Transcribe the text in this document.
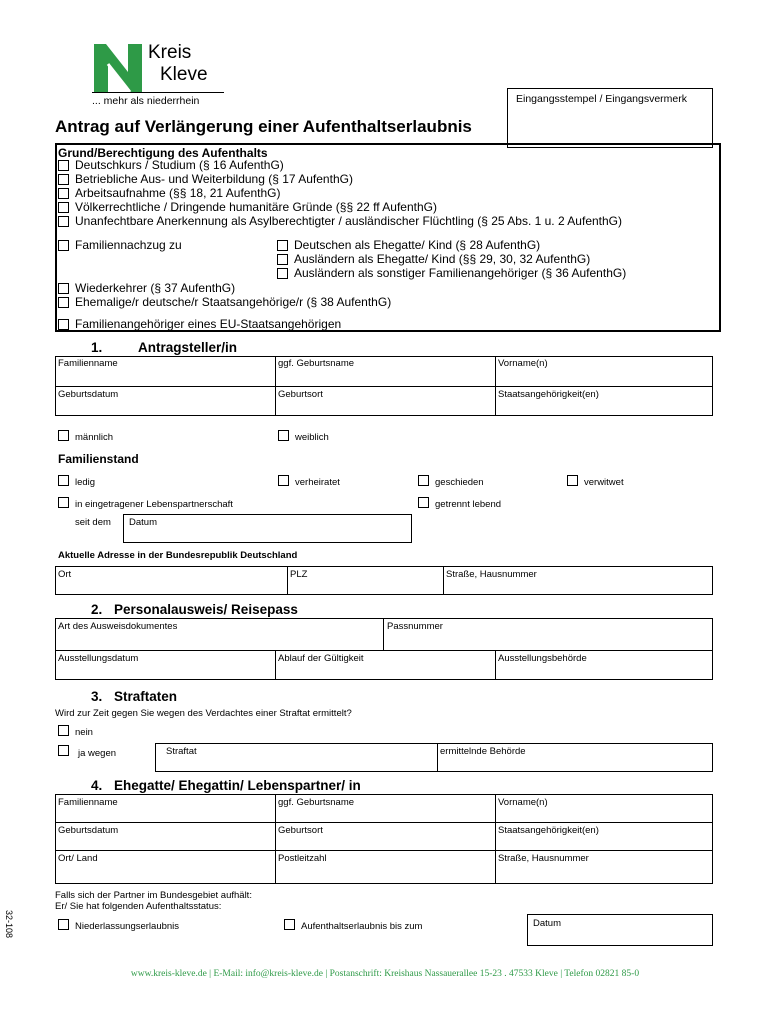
Kreis
Kleve
... mehr als niederrhein	Eingangsstempel / Eingangsvermerk
Antrag auf Verlängerung einer Aufenthaltserlaubnis
Grund/Berechtigung des Aufenthalts
Deutschkurs / Studium (§ 16 AufenthG)
Betriebliche Aus- und Weiterbildung (§ 17 AufenthG)
Arbeitsaufnahme (§§ 18, 21 AufenthG)
Völkerrechtliche / Dringende humanitäre Gründe (§§ 22 ff AufenthG)
Unanfechtbare Anerkennung als Asylberechtigter / ausländischer Flüchtling (§ 25 Abs. 1 u. 2 AufenthG)
Familiennachzug zu	Deutschen als Ehegatte/ Kind (§ 28 AufenthG)
Ausländern als Ehegatte/ Kind (§§ 29, 30, 32 AufenthG)
Ausländern als sonstiger Familienangehöriger (§ 36 AufenthG)
Wiederkehrer (§ 37 AufenthG)
Ehemalige/r deutsche/r Staatsangehörige/r (§ 38 AufenthG)
Familienangehöriger eines EU-Staatsangehörigen
1.	Antragsteller/in
Familienname	ggf. Geburtsname	Vorname(n)
Geburtsdatum	Geburtsort	Staatsangehörigkeit(en)
männlich	weiblich
Familienstand
ledig	verheiratet	geschieden	verwitwet
in eingetragener Lebenspartnerschaft	getrennt lebend
seit dem Datum
Aktuelle Adresse in der Bundesrepublik Deutschland
Ort	PLZ	Straße, Hausnummer
2. Personalausweis/ Reisepass
Art des Ausweisdokumentes	Passnummer
Ausstellungsdatum	Ablauf der Gültigkeit	Ausstellungsbehörde
3. Straftaten
Wird zur Zeit gegen Sie wegen des Verdachtes einer Straftat ermittelt?
nein
ja wegen	Straftat	ermittelnde Behörde
4. Ehegatte/ Ehegattin/ Lebenspartner/ in
Familienname	ggf. Geburtsname	Vorname(n)
Geburtsdatum	Geburtsort	Staatsangehörigkeit(en)
Ort/ Land	Postleitzahl	Straße, Hausnummer
Falls sich der Partner im Bundesgebiet aufhält:
Er/ Sie hat folgenden Aufenthaltsstatus:
Niederlassungserlaubnis	Aufenthaltserlaubnis bis zum	Datum
32-108
www.kreis-kleve.de | E-Mail: info@kreis-kleve.de | Postanschrift: Kreishaus Nassauerallee 15-23 . 47533 Kleve | Telefon 02821 85-0
